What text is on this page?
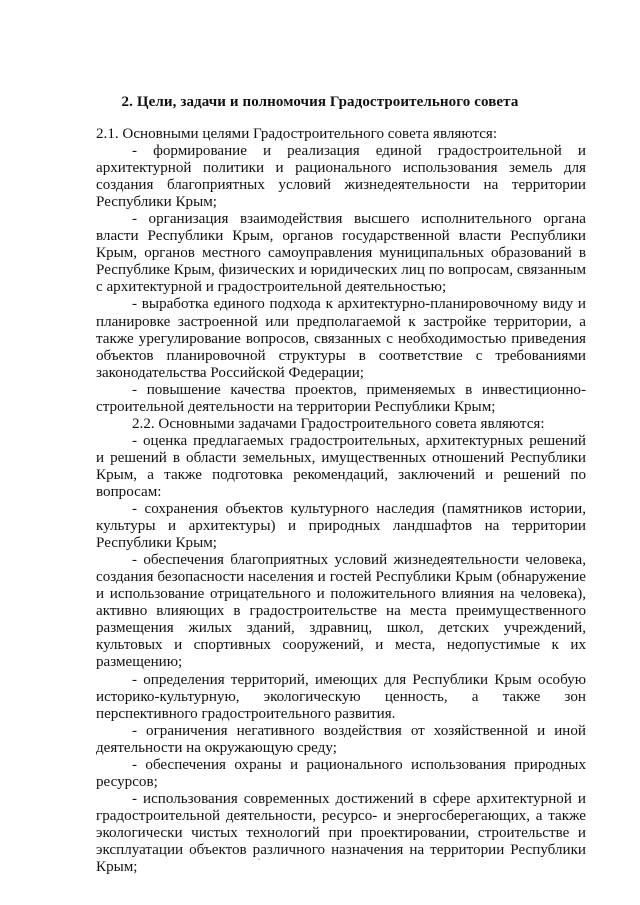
2. Цели, задачи и полномочия Градостроительного совета

2.1. Основными целями Градостроительного совета являются:

- формирование и реализация единой градостроительной и архитектурной политики и рационального использования земель для создания благоприятных условий жизнедеятельности на территории Республики Крым;

- организация взаимодействия высшего исполнительного органа власти Республики Крым, органов государственной власти Республики Крым, органов местного самоуправления муниципальных образований в Республике Крым, физических и юридических лиц по вопросам, связанным с архитектурной и градостроительной деятельностью;

- выработка единого подхода к архитектурно-планировочному виду и планировке застроенной или предполагаемой к застройке территории, а также урегулирование вопросов, связанных с необходимостью приведения объектов планировочной структуры в соответствие с требованиями законодательства Российской Федерации;

- повышение качества проектов, применяемых в инвестиционно-строительной деятельности на территории Республики Крым;

2.2. Основными задачами Градостроительного совета являются:

- оценка предлагаемых градостроительных, архитектурных решений и решений в области земельных, имущественных отношений Республики Крым, а также подготовка рекомендаций, заключений и решений по вопросам:

- сохранения объектов культурного наследия (памятников истории, культуры и архитектуры) и природных ландшафтов на территории Республики Крым;

- обеспечения благоприятных условий жизнедеятельности человека, создания безопасности населения и гостей Республики Крым (обнаружение и использование отрицательного и положительного влияния на человека), активно влияющих в градостроительстве на места преимущественного размещения жилых зданий, здравниц, школ, детских учреждений, культовых и спортивных сооружений, и места, недопустимые к их размещению;

- определения территорий, имеющих для Республики Крым особую историко-культурную, экологическую ценность, а также зон перспективного градостроительного развития.

- ограничения негативного воздействия от хозяйственной и иной деятельности на окружающую среду;

- обеспечения охраны и рационального использования природных ресурсов;

- использования современных достижений в сфере архитектурной и градостроительной деятельности, ресурсо- и энергосберегающих, а также экологически чистых технологий при проектировании, строительстве и эксплуатации объектов различного назначения на территории Республики Крым;
